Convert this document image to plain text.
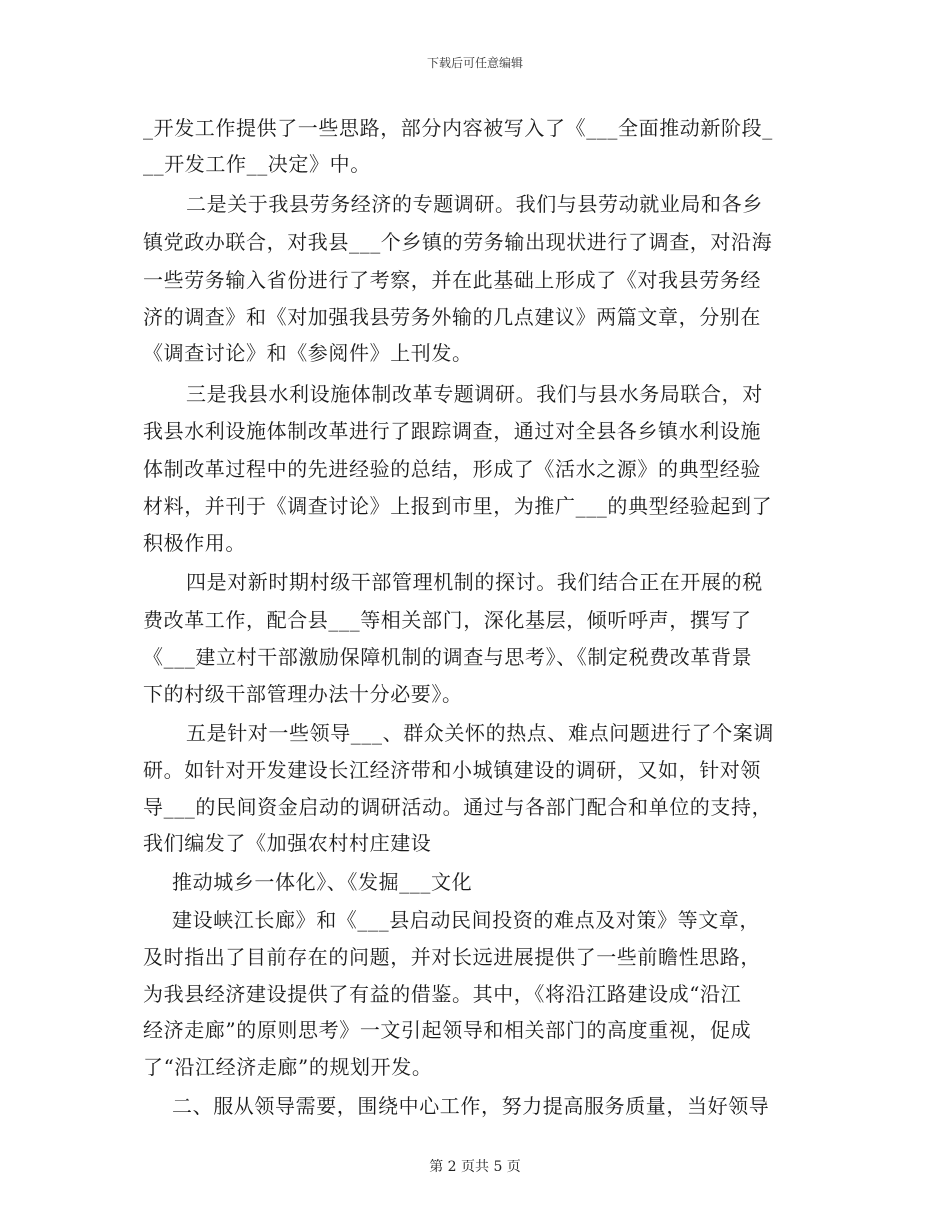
下载后可任意编辑
_开发工作提供了一些思路，部分内容被写入了《___全面推动新阶段_
__开发工作__决定》中。
二是关于我县劳务经济的专题调研。我们与县劳动就业局和各乡
镇党政办联合，对我县___个乡镇的劳务输出现状进行了调查，对沿海
一些劳务输入省份进行了考察，并在此基础上形成了《对我县劳务经
济的调查》和《对加强我县劳务外输的几点建议》两篇文章，分别在
《调查讨论》和《参阅件》上刊发。
三是我县水利设施体制改革专题调研。我们与县水务局联合，对
我县水利设施体制改革进行了跟踪调查，通过对全县各乡镇水利设施
体制改革过程中的先进经验的总结，形成了《活水之源》的典型经验
材料，并刊于《调查讨论》上报到市里，为推广___的典型经验起到了
积极作用。
四是对新时期村级干部管理机制的探讨。我们结合正在开展的税
费改革工作，配合县___等相关部门，深化基层，倾听呼声，撰写了
《___建立村干部激励保障机制的调查与思考》、《制定税费改革背景
下的村级干部管理办法十分必要》。
五是针对一些领导___、群众关怀的热点、难点问题进行了个案调
研。如针对开发建设长江经济带和小城镇建设的调研，又如，针对领
导___的民间资金启动的调研活动。通过与各部门配合和单位的支持，
我们编发了《加强农村村庄建设
推动城乡一体化》、《发掘___文化
建设峡江长廊》和《___县启动民间投资的难点及对策》等文章，
及时指出了目前存在的问题，并对长远进展提供了一些前瞻性思路，
为我县经济建设提供了有益的借鉴。其中，《将沿江路建设成“沿江
经济走廊”的原则思考》一文引起领导和相关部门的高度重视，促成
了“沿江经济走廊”的规划开发。
二、服从领导需要，围绕中心工作，努力提高服务质量，当好领导
第 2 页共 5 页
